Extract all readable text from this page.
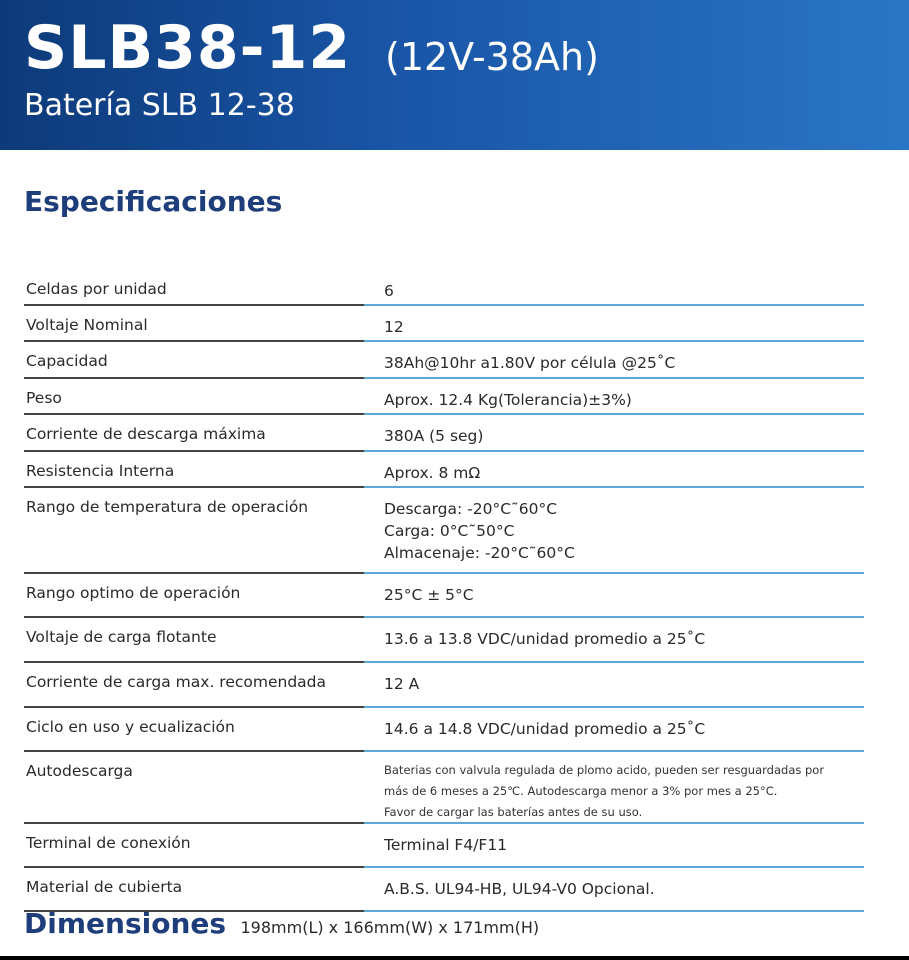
SLB38-12 (12V-38Ah)
Batería SLB 12-38
Especificaciones
Celdas por unidad	6
Voltaje Nominal	12
Capacidad	38Ah@10hr a1.80V por célula @25˚C
Peso	Aprox. 12.4 Kg(Tolerancia)±3%)
Corriente de descarga máxima	380A (5 seg)
Resistencia Interna	Aprox. 8 mΩ
Rango de temperatura de operación	Descarga: -20°C˜60°C
Carga: 0°C˜50°C
Almacenaje: -20°C˜60°C
Rango optimo de operación	25°C ± 5°C
Voltaje de carga flotante	13.6 a 13.8 VDC/unidad promedio a 25˚C
Corriente de carga max. recomendada	12 A
Ciclo en uso y ecualización	14.6 a 14.8 VDC/unidad promedio a 25˚C
Autodescarga	Baterias con valvula regulada de plomo acido, pueden ser resguardadas por
más de 6 meses a 25℃. Autodescarga menor a 3% por mes a 25°C.
Favor de cargar las baterías antes de su uso.
Terminal de conexión	Terminal F4/F11
Material de cubierta	A.B.S. UL94-HB, UL94-V0 Opcional.
Dimensiones 198mm(L) x 166mm(W) x 171mm(H)
